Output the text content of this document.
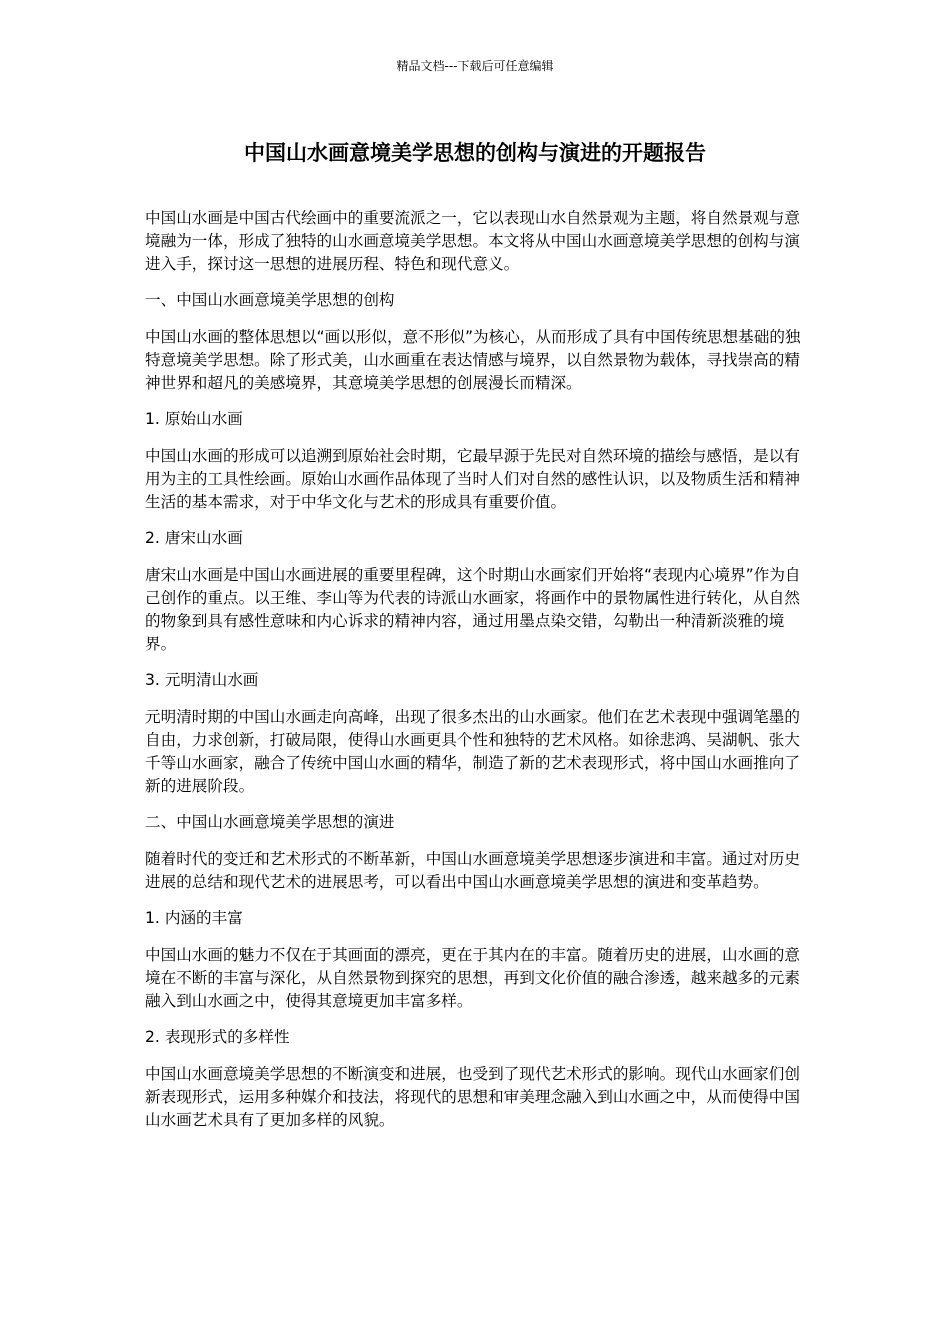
精品文档---下载后可任意编辑
中国山水画意境美学思想的创构与演进的开题报告

中国山水画是中国古代绘画中的重要流派之一，它以表现山水自然景观为主题，将自然景观与意境融为一体，形成了独特的山水画意境美学思想。本文将从中国山水画意境美学思想的创构与演进入手，探讨这一思想的进展历程、特色和现代意义。

一、中国山水画意境美学思想的创构

中国山水画的整体思想以“画以形似，意不形似”为核心，从而形成了具有中国传统思想基础的独特意境美学思想。除了形式美，山水画重在表达情感与境界，以自然景物为载体，寻找崇高的精神世界和超凡的美感境界，其意境美学思想的创展漫长而精深。

1. 原始山水画

中国山水画的形成可以追溯到原始社会时期，它最早源于先民对自然环境的描绘与感悟，是以有用为主的工具性绘画。原始山水画作品体现了当时人们对自然的感性认识，以及物质生活和精神生活的基本需求，对于中华文化与艺术的形成具有重要价值。

2. 唐宋山水画

唐宋山水画是中国山水画进展的重要里程碑，这个时期山水画家们开始将“表现内心境界”作为自己创作的重点。以王维、李山等为代表的诗派山水画家，将画作中的景物属性进行转化，从自然的物象到具有感性意味和内心诉求的精神内容，通过用墨点染交错，勾勒出一种清新淡雅的境界。

3. 元明清山水画

元明清时期的中国山水画走向高峰，出现了很多杰出的山水画家。他们在艺术表现中强调笔墨的自由，力求创新，打破局限，使得山水画更具个性和独特的艺术风格。如徐悲鸿、吴湖帆、张大千等山水画家，融合了传统中国山水画的精华，制造了新的艺术表现形式，将中国山水画推向了新的进展阶段。

二、中国山水画意境美学思想的演进

随着时代的变迁和艺术形式的不断革新，中国山水画意境美学思想逐步演进和丰富。通过对历史进展的总结和现代艺术的进展思考，可以看出中国山水画意境美学思想的演进和变革趋势。

1. 内涵的丰富

中国山水画的魅力不仅在于其画面的漂亮，更在于其内在的丰富。随着历史的进展，山水画的意境在不断的丰富与深化，从自然景物到探究的思想，再到文化价值的融合渗透，越来越多的元素融入到山水画之中，使得其意境更加丰富多样。

2. 表现形式的多样性

中国山水画意境美学思想的不断演变和进展，也受到了现代艺术形式的影响。现代山水画家们创新表现形式，运用多种媒介和技法，将现代的思想和审美理念融入到山水画之中，从而使得中国山水画艺术具有了更加多样的风貌。
